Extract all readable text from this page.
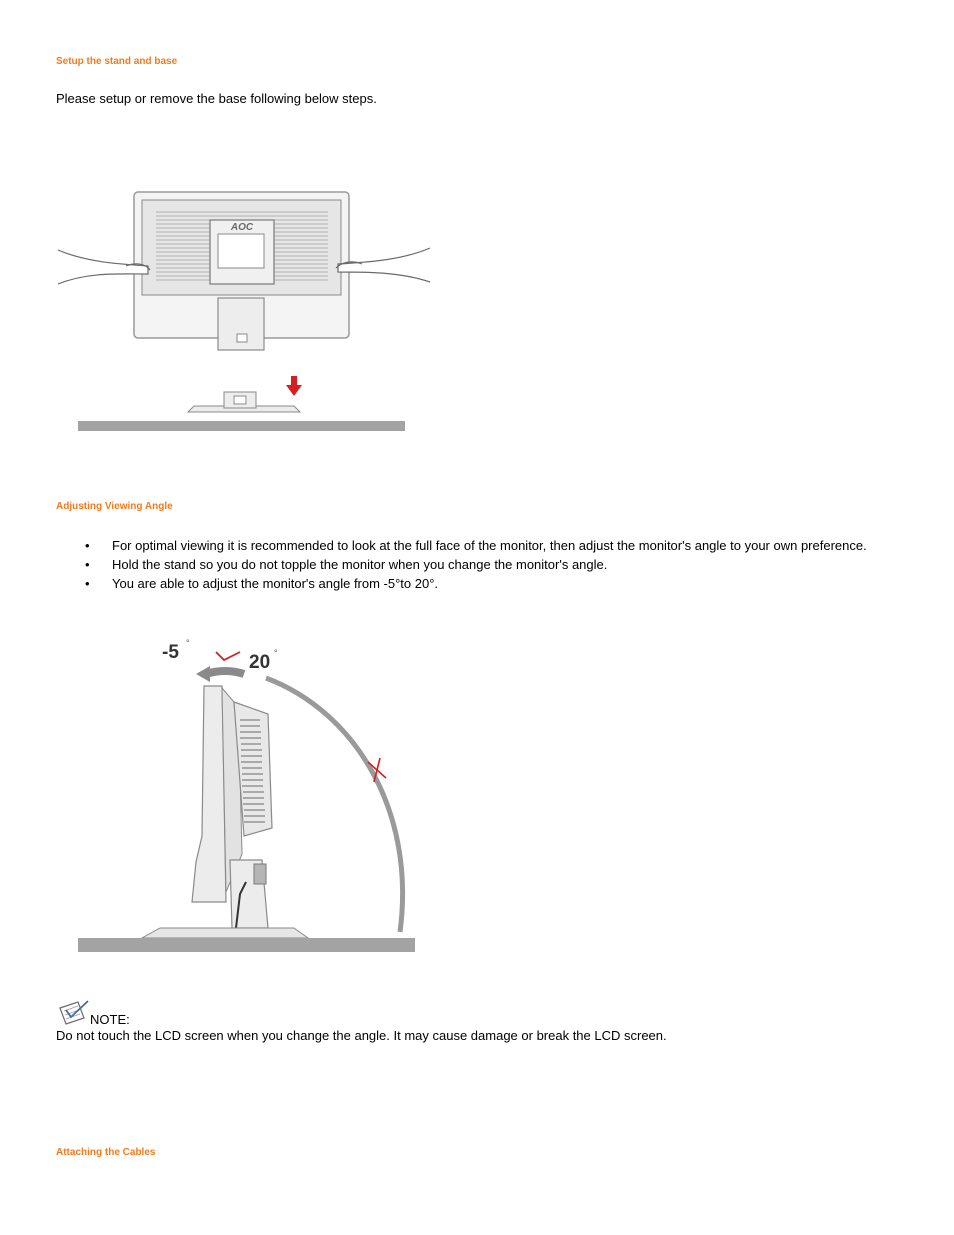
Setup the stand and base

Please setup or remove the base following below steps.

AOC
Adjusting Viewing Angle
• For optimal viewing it is recommended to look at the full face of the monitor, then adjust the monitor's angle to your own preference.
• Hold the stand so you do not topple the monitor when you change the monitor's angle.
• You are able to adjust the monitor's angle from -5°to 20°.
-5 °
20 °
NOTE:

Do not touch the LCD screen when you change the angle. It may cause damage or break the LCD screen.

Attaching the Cables
